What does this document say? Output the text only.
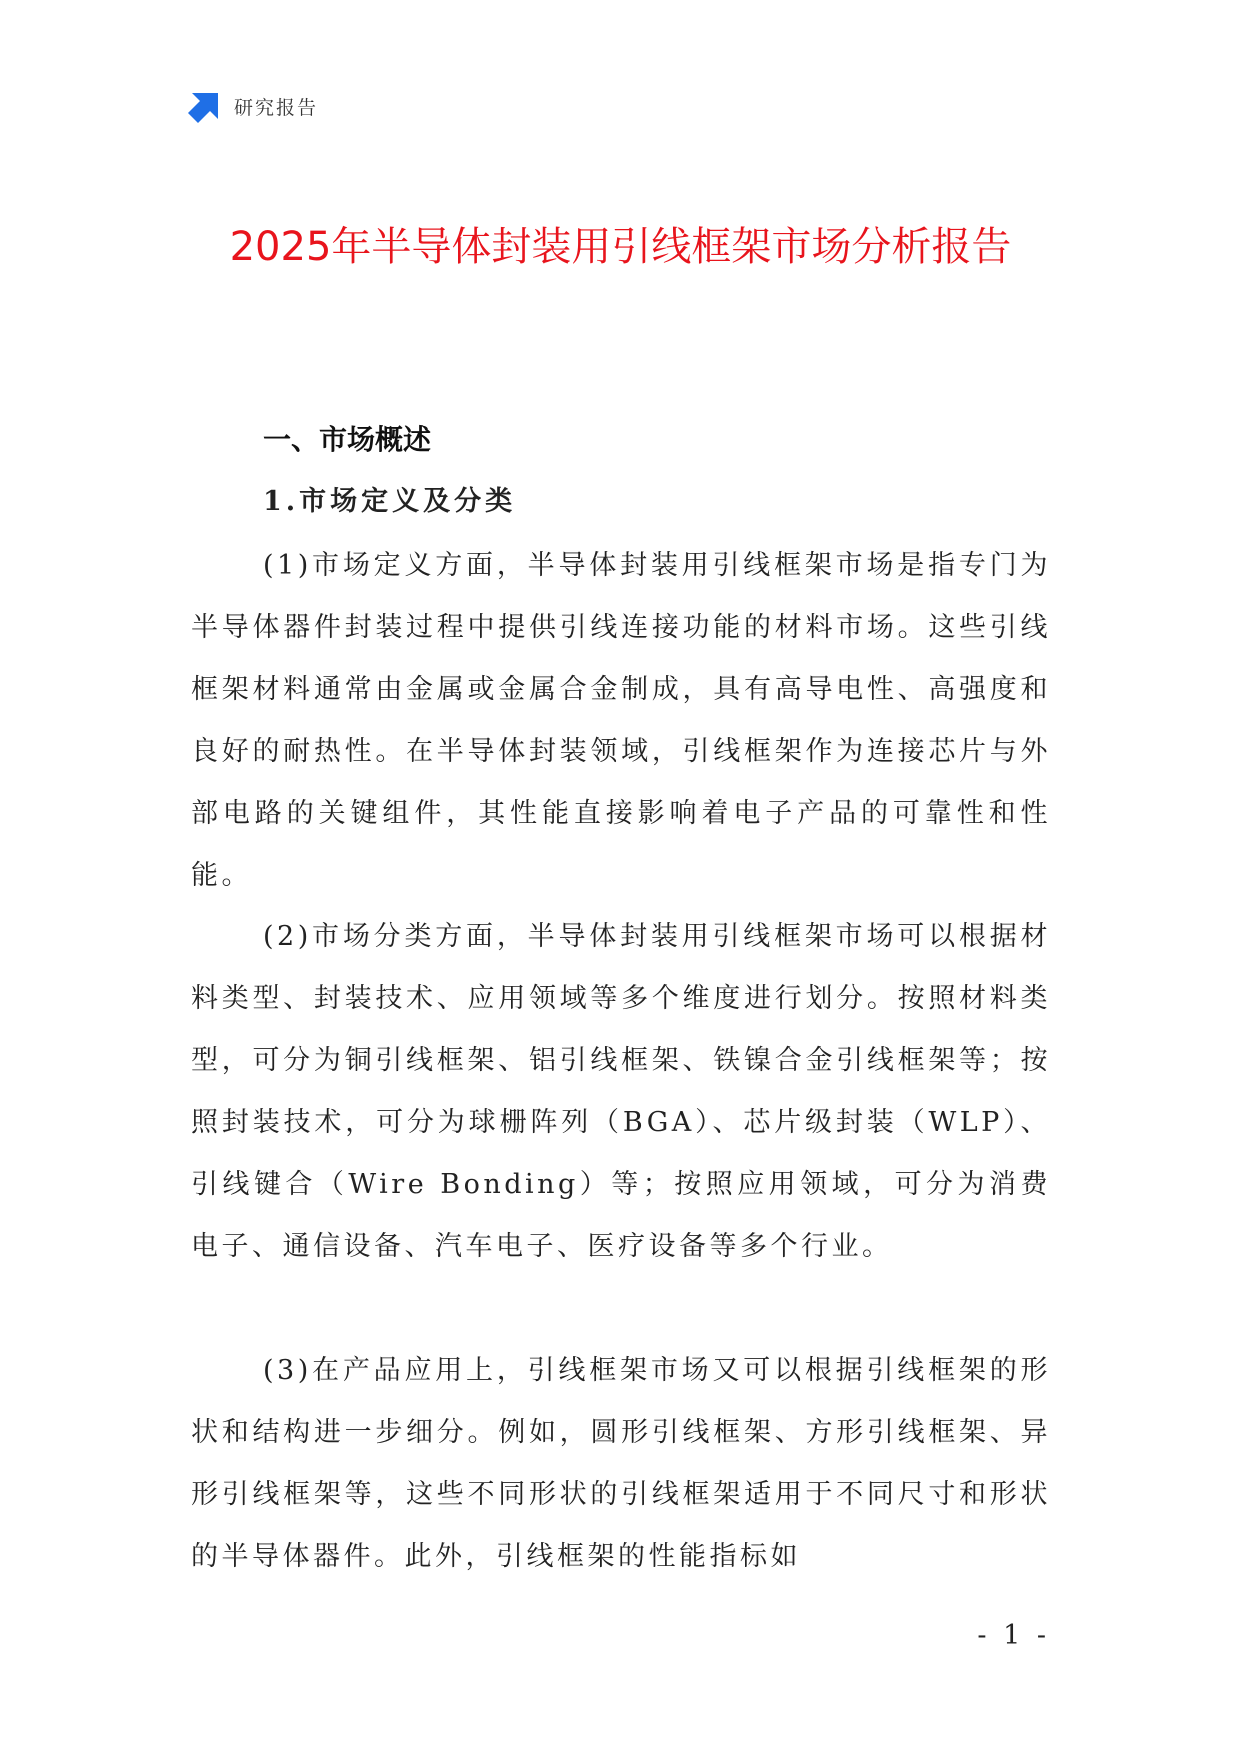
研究报告
2025年半导体封装用引线框架市场分析报告
一、市场概述
1.市场定义及分类

(1)市场定义方面，半导体封装用引线框架市场是指专门为半导体器件封装过程中提供引线连接功能的材料市场。这些引线框架材料通常由金属或金属合金制成，具有高导电性、高强度和良好的耐热性。在半导体封装领域，引线框架作为连接芯片与外部电路的关键组件，其性能直接影响着电子产品的可靠性和性能。

(2)市场分类方面，半导体封装用引线框架市场可以根据材料类型、封装技术、应用领域等多个维度进行划分。按照材料类型，可分为铜引线框架、铝引线框架、铁镍合金引线框架等；按照封装技术，可分为球栅阵列（BGA）、芯片级封装（WLP）、引线键合（Wire Bonding）等；按照应用领域，可分为消费电子、通信设备、汽车电子、医疗设备等多个行业。

(3)在产品应用上，引线框架市场又可以根据引线框架的形状和结构进一步细分。例如，圆形引线框架、方形引线框架、异形引线框架等，这些不同形状的引线框架适用于不同尺寸和形状的半导体器件。此外，引线框架的性能指标如

- 1 -
